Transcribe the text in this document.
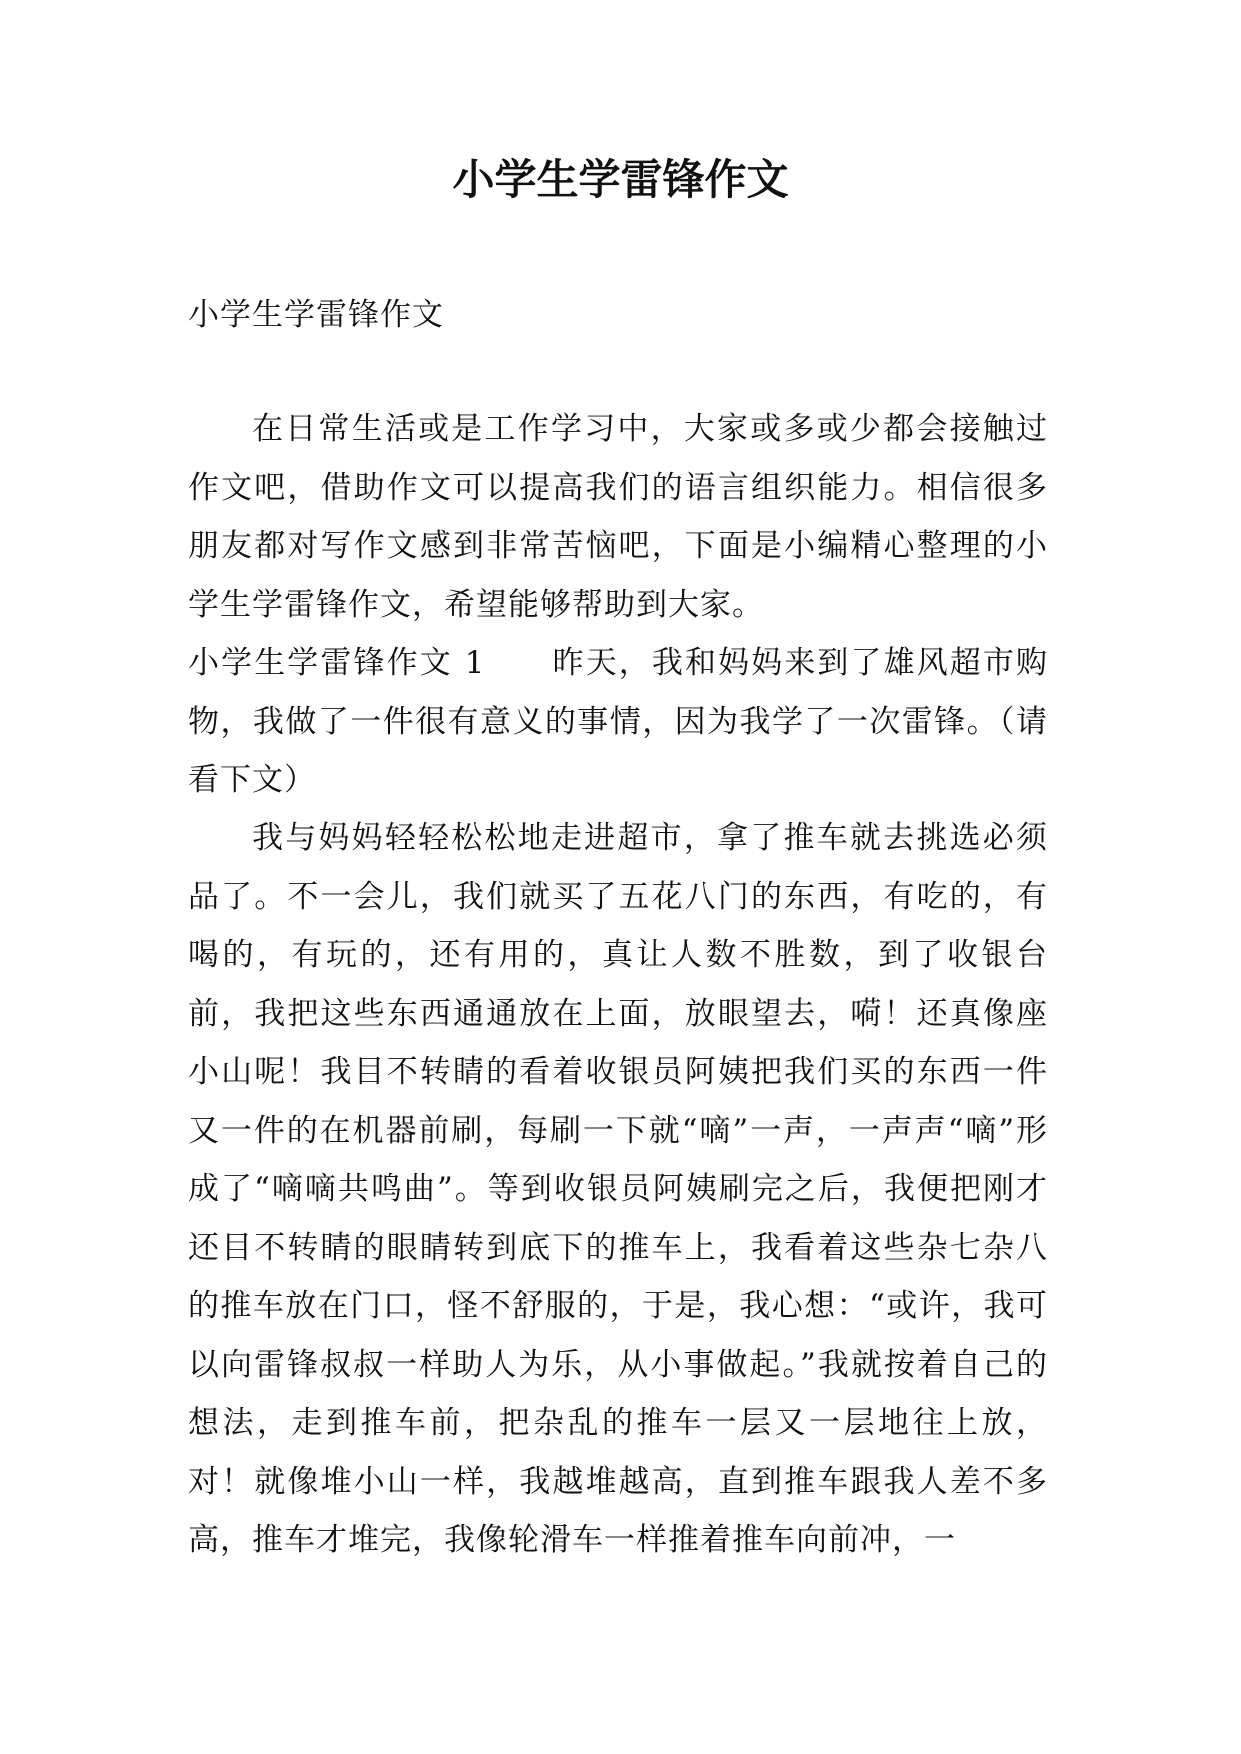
小学生学雷锋作文

小学生学雷锋作文

在日常生活或是工作学习中，大家或多或少都会接触过作文吧，借助作文可以提高我们的语言组织能力。相信很多朋友都对写作文感到非常苦恼吧，下面是小编精心整理的小学生学雷锋作文，希望能够帮助到大家。

小学生学雷锋作文 1 昨天，我和妈妈来到了雄风超市购物，我做了一件很有意义的事情，因为我学了一次雷锋。（请看下文）

我与妈妈轻轻松松地走进超市，拿了推车就去挑选必须品了。不一会儿，我们就买了五花八门的东西，有吃的，有喝的，有玩的，还有用的，真让人数不胜数，到了收银台前，我把这些东西通通放在上面，放眼望去，嗬！还真像座小山呢！我目不转睛的看着收银员阿姨把我们买的东西一件又一件的在机器前刷，每刷一下就“嘀”一声，一声声“嘀”形成了“嘀嘀共鸣曲”。等到收银员阿姨刷完之后，我便把刚才还目不转睛的眼睛转到底下的推车上，我看着这些杂七杂八的推车放在门口，怪不舒服的，于是，我心想：“或许，我可以向雷锋叔叔一样助人为乐，从小事做起。”我就按着自己的想法，走到推车前，把杂乱的推车一层又一层地往上放，对！就像堆小山一样，我越堆越高，直到推车跟我人差不多高，推车才堆完，我像轮滑车一样推着推车向前冲，一
